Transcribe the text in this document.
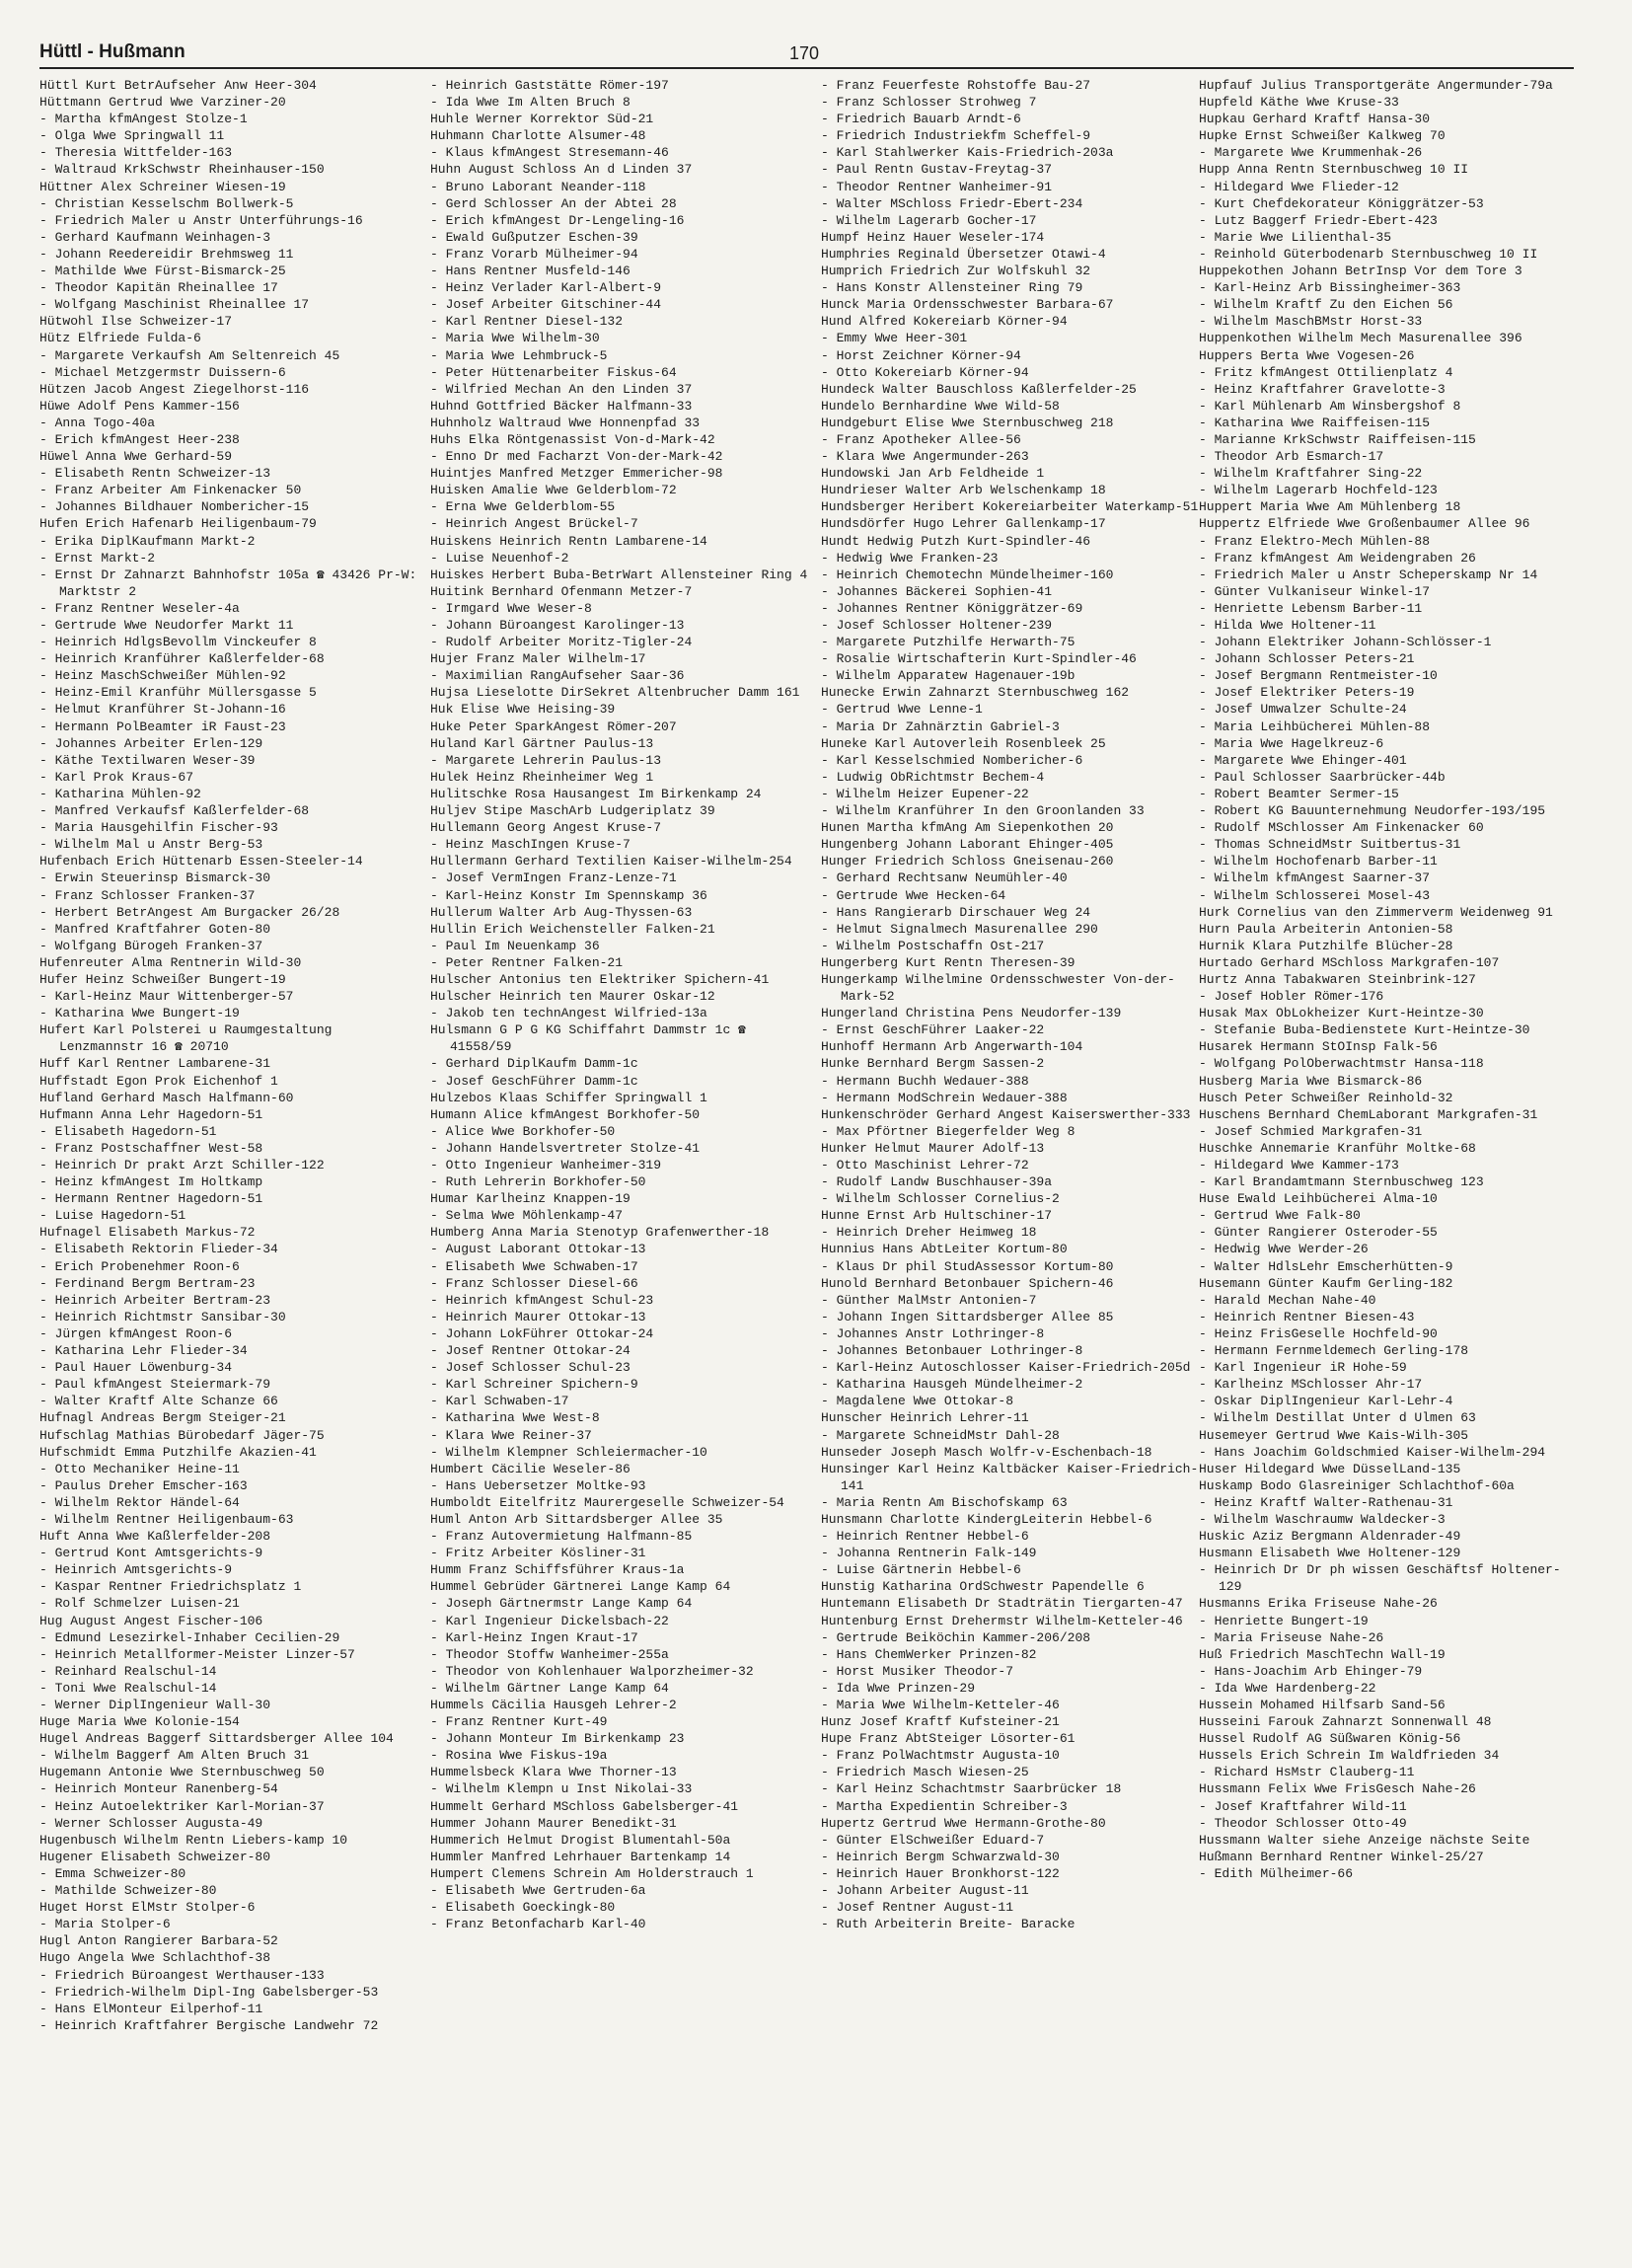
Hüttl - Hußmann	170
Hüttl Kurt BetrAufseher Anw Heer-304
Hüttmann Gertrud Wwe Varziner-20
- Martha kfmAngest Stolze-1
- Olga Wwe Springwall 11
- Theresia Wittfelder-163
- Waltraud KrkSchwstr Rheinhauser-150
Hüttner Alex Schreiner Wiesen-19
- Christian Kesselschm Bollwerk-5
- Friedrich Maler u Anstr Unterführungs-16
- Gerhard Kaufmann Weinhagen-3
- Johann Reedereidir Brehmsweg 11
- Mathilde Wwe Fürst-Bismarck-25
- Theodor Kapitän Rheinallee 17
- Wolfgang Maschinist Rheinallee 17
Hütwohl Ilse Schweizer-17
Hütz Elfriede Fulda-6
- Margarete Verkaufsh Am Seltenreich 45
- Michael Metzgermstr Duissern-6
Hützen Jacob Angest Ziegelhorst-116
Hüwe Adolf Pens Kammer-156
- Anna Togo-40a
- Erich kfmAngest Heer-238
Hüwel Anna Wwe Gerhard-59
- Elisabeth Rentn Schweizer-13
- Franz Arbeiter Am Finkenacker 50
- Johannes Bildhauer Nombericher-15
Hufen Erich Hafenarb Heiligenbaum-79
- Erika DiplKaufmann Markt-2
- Ernst Markt-2
- Ernst Dr Zahnarzt Bahnhofstr 105a ☎ 43426 Pr-W: Marktstr 2
- Franz Rentner Weseler-4a
- Gertrude Wwe Neudorfer Markt 11
- Heinrich HdlgsBevollm Vinckeufer 8
- Heinrich Kranführer Kaßlerfelder-68
- Heinz MaschSchweißer Mühlen-92
- Heinz-Emil Kranführ Müllersgasse 5
- Helmut Kranführer St-Johann-16
- Hermann PolBeamter iR Faust-23
- Johannes Arbeiter Erlen-129
- Käthe Textilwaren Weser-39
- Karl Prok Kraus-67
- Katharina Mühlen-92
- Manfred Verkaufsf Kaßlerfelder-68
- Maria Hausgehilfin Fischer-93
- Wilhelm Mal u Anstr Berg-53
Hufenbach Erich Hüttenarb Essen-Steeler-14
- Erwin Steuerinsp Bismarck-30
- Franz Schlosser Franken-37
- Herbert BetrAngest Am Burgacker 26/28
- Manfred Kraftfahrer Goten-80
- Wolfgang Bürogeh Franken-37
Hufenreuter Alma Rentnerin Wild-30
Hufer Heinz Schweißer Bungert-19
- Karl-Heinz Maur Wittenberger-57
- Katharina Wwe Bungert-19
Hufert Karl Polsterei u Raumgestaltung Lenzmannstr 16 ☎ 20710
Huff Karl Rentner Lambarene-31
Huffstadt Egon Prok Eichenhof 1
Hufland Gerhard Masch Halfmann-60
Hufmann Anna Lehr Hagedorn-51
- Elisabeth Hagedorn-51
- Franz Postschaffner West-58
- Heinrich Dr prakt Arzt Schiller-122
- Heinz kfmAngest Im Holtkamp
- Hermann Rentner Hagedorn-51
- Luise Hagedorn-51
Hufnagel Elisabeth Markus-72
- Elisabeth Rektorin Flieder-34
- Erich Probenehmer Roon-6
- Ferdinand Bergm Bertram-23
- Heinrich Arbeiter Bertram-23
- Heinrich Richtmstr Sansibar-30
- Jürgen kfmAngest Roon-6
- Katharina Lehr Flieder-34
- Paul Hauer Löwenburg-34
- Paul kfmAngest Steiermark-79
- Walter Kraftf Alte Schanze 66
Hufnagl Andreas Bergm Steiger-21
Hufschlag Mathias Bürobedarf Jäger-75
Hufschmidt Emma Putzhilfe Akazien-41
- Otto Mechaniker Heine-11
- Paulus Dreher Emscher-163
- Wilhelm Rektor Händel-64
- Wilhelm Rentner Heiligenbaum-63
Huft Anna Wwe Kaßlerfelder-208
- Gertrud Kont Amtsgerichts-9
- Heinrich Amtsgerichts-9
- Kaspar Rentner Friedrichsplatz 1
- Rolf Schmelzer Luisen-21
Hug August Angest Fischer-106
- Edmund Lesezirkel-Inhaber Cecilien-29
- Heinrich Metallformer-Meister Linzer-57
- Reinhard Realschul-14
- Toni Wwe Realschul-14
- Werner DiplIngenieur Wall-30
Huge Maria Wwe Kolonie-154
Hugel Andreas Baggerf Sittardsberger Allee 104
- Wilhelm Baggerf Am Alten Bruch 31
Hugemann Antonie Wwe Sternbuschweg 50
- Heinrich Monteur Ranenberg-54
- Heinz Autoelektriker Karl-Morian-37
- Werner Schlosser Augusta-49
Hugenbusch Wilhelm Rentn Liebers-kamp 10
Hugener Elisabeth Schweizer-80
- Emma Schweizer-80
- Mathilde Schweizer-80
Huget Horst ElMstr Stolper-6
- Maria Stolper-6
Hugl Anton Rangierer Barbara-52
Hugo Angela Wwe Schlachthof-38
- Friedrich Büroangest Werthauser-133
- Friedrich-Wilhelm Dipl-Ing Gabelsberger-53
- Hans ElMonteur Eilperhof-11
- Heinrich Kraftfahrer Bergische Landwehr 72
- Heinrich Gaststätte Römer-197
- Ida Wwe Im Alten Bruch 8
Huhle Werner Korrektor Süd-21
Huhmann Charlotte Alsumer-48
- Klaus kfmAngest Stresemann-46
Huhn August Schloss An d Linden 37
- Bruno Laborant Neander-118
- Gerd Schlosser An der Abtei 28
- Erich kfmAngest Dr-Lengeling-16
- Ewald Gußputzer Eschen-39
- Franz Vorarb Mülheimer-94
- Hans Rentner Musfeld-146
- Heinz Verlader Karl-Albert-9
- Josef Arbeiter Gitschiner-44
- Karl Rentner Diesel-132
- Maria Wwe Wilhelm-30
- Maria Wwe Lehmbruck-5
- Peter Hüttenarbeiter Fiskus-64
- Wilfried Mechan An den Linden 37
Huhnd Gottfried Bäcker Halfmann-33
Huhnholz Waltraud Wwe Honnenpfad 33
Huhs Elka Röntgenassist Von-d-Mark-42
- Enno Dr med Facharzt Von-der-Mark-42
Huintjes Manfred Metzger Emmericher-98
Huisken Amalie Wwe Gelderblom-72
- Erna Wwe Gelderblom-55
- Heinrich Angest Brückel-7
Huiskens Heinrich Rentn Lambarene-14
- Luise Neuenhof-2
Huiskes Herbert Buba-BetrWart Allensteiner Ring 4
Huitink Bernhard Ofenmann Metzer-7
- Irmgard Wwe Weser-8
- Johann Büroangest Karolinger-13
- Rudolf Arbeiter Moritz-Tigler-24
Hujer Franz Maler Wilhelm-17
- Maximilian RangAufseher Saar-36
Hujsa Lieselotte DirSekret Altenbrucher Damm 161
Huk Elise Wwe Heising-39
Huke Peter SparkAngest Römer-207
Huland Karl Gärtner Paulus-13
- Margarete Lehrerin Paulus-13
Hulek Heinz Rheinheimer Weg 1
Hulitschke Rosa Hausangest Im Birkenkamp 24
Huljev Stipe MaschArb Ludgeriplatz 39
Hullemann Georg Angest Kruse-7
- Heinz MaschIngen Kruse-7
Hullermann Gerhard Textilien Kaiser-Wilhelm-254
- Josef VermIngen Franz-Lenze-71
- Karl-Heinz Konstr Im Spennskamp 36
Hullerum Walter Arb Aug-Thyssen-63
Hullin Erich Weichensteller Falken-21
- Paul Im Neuenkamp 36
- Peter Rentner Falken-21
Hulscher Antonius ten Elektriker Spichern-41
Hulscher Heinrich ten Maurer Oskar-12
- Jakob ten technAngest Wilfried-13a
Hulsmann G P G KG Schiffahrt Dammstr 1c ☎ 41558/59
- Gerhard DiplKaufm Damm-1c
- Josef GeschFührer Damm-1c
Hulzebos Klaas Schiffer Springwall 1
Humann Alice kfmAngest Borkhofer-50
- Alice Wwe Borkhofer-50
- Johann Handelsvertreter Stolze-41
- Otto Ingenieur Wanheimer-319
- Ruth Lehrerin Borkhofer-50
Humar Karlheinz Knappen-19
- Selma Wwe Möhlenkamp-47
Humberg Anna Maria Stenotyp Grafenwerther-18
- August Laborant Ottokar-13
- Elisabeth Wwe Schwaben-17
- Franz Schlosser Diesel-66
- Heinrich kfmAngest Schul-23
- Heinrich Maurer Ottokar-13
- Johann LokFührer Ottokar-24
- Josef Rentner Ottokar-24
- Josef Schlosser Schul-23
- Karl Schreiner Spichern-9
- Karl Schwaben-17
- Katharina Wwe West-8
- Klara Wwe Reiner-37
- Wilhelm Klempner Schleiermacher-10
Humbert Cäcilie Weseler-86
- Hans Uebersetzer Moltke-93
Humboldt Eitelfritz Maurergeselle Schweizer-54
Huml Anton Arb Sittardsberger Allee 35
- Franz Autovermietung Halfmann-85
- Fritz Arbeiter Kösliner-31
Humm Franz Schiffsführer Kraus-1a
Hummel Gebrüder Gärtnerei Lange Kamp 64
- Joseph Gärtnermstr Lange Kamp 64
- Karl Ingenieur Dickelsbach-22
- Karl-Heinz Ingen Kraut-17
- Theodor Stoffw Wanheimer-255a
- Theodor von Kohlenhauer Walporzheimer-32
- Wilhelm Gärtner Lange Kamp 64
Hummels Cäcilia Hausgeh Lehrer-2
- Franz Rentner Kurt-49
- Johann Monteur Im Birkenkamp 23
- Rosina Wwe Fiskus-19a
Hummelsbeck Klara Wwe Thorner-13
- Wilhelm Klempn u Inst Nikolai-33
Hummelt Gerhard MSchloss Gabelsberger-41
Hummer Johann Maurer Benedikt-31
Hummerich Helmut Drogist Blumentahl-50a
Hummler Manfred Lehrhauer Bartenkamp 14
Humpert Clemens Schrein Am Holderstrauch 1
- Elisabeth Wwe Gertruden-6a
- Elisabeth Goeckingk-80
- Franz Betonfacharb Karl-40
- Franz Feuerfeste Rohstoffe Bau-27
- Franz Schlosser Strohweg 7
- Friedrich Bauarb Arndt-6
- Friedrich Industriekfm Scheffel-9
- Karl Stahlwerker Kais-Friedrich-203a
- Paul Rentn Gustav-Freytag-37
- Theodor Rentner Wanheimer-91
- Walter MSchloss Friedr-Ebert-234
- Wilhelm Lagerarb Gocher-17
Humpf Heinz Hauer Weseler-174
Humphries Reginald Übersetzer Otawi-4
Humprich Friedrich Zur Wolfskuhl 32
- Hans Konstr Allensteiner Ring 79
Hunck Maria Ordensschwester Barbara-67
Hund Alfred Kokereiarb Körner-94
- Emmy Wwe Heer-301
- Horst Zeichner Körner-94
- Otto Kokereiarb Körner-94
Hundeck Walter Bauschloss Kaßlerfelder-25
Hundelo Bernhardine Wwe Wild-58
Hundgeburt Elise Wwe Sternbuschweg 218
- Franz Apotheker Allee-56
- Klara Wwe Angermunder-263
Hundowski Jan Arb Feldheide 1
Hundrieser Walter Arb Welschenkamp 18
Hundsberger Heribert Kokereiarbeiter Waterkamp-51
Hundsdörfer Hugo Lehrer Gallenkamp-17
Hundt Hedwig Putzh Kurt-Spindler-46
- Hedwig Wwe Franken-23
- Heinrich Chemotechn Mündelheimer-160
- Johannes Bäckerei Sophien-41
- Johannes Rentner Königgrätzer-69
- Josef Schlosser Holtener-239
- Margarete Putzhilfe Herwarth-75
- Rosalie Wirtschafterin Kurt-Spindler-46
- Wilhelm Apparatew Hagenauer-19b
Hunecke Erwin Zahnarzt Sternbuschweg 162
- Gertrud Wwe Lenne-1
- Maria Dr Zahnärztin Gabriel-3
Huneke Karl Autoverleih Rosenbleek 25
- Karl Kesselschmied Nombericher-6
- Ludwig ObRichtmstr Bechem-4
- Wilhelm Heizer Eupener-22
- Wilhelm Kranführer In den Groonlanden 33
Hunen Martha kfmAng Am Siepenkothen 20
Hungenberg Johann Laborant Ehinger-405
Hunger Friedrich Schloss Gneisenau-260
- Gerhard Rechtsanw Neumühler-40
- Gertrude Wwe Hecken-64
- Hans Rangierarb Dirschauer Weg 24
- Helmut Signalmech Masurenallee 290
- Wilhelm Postschaffn Ost-217
Hungerberg Kurt Rentn Theresen-39
Hungerkamp Wilhelmine Ordensschwester Von-der-Mark-52
Hungerland Christina Pens Neudorfer-139
- Ernst GeschFührer Laaker-22
Hunhoff Hermann Arb Angerwarth-104
Hunke Bernhard Bergm Sassen-2
- Hermann Buchh Wedauer-388
- Hermann ModSchrein Wedauer-388
Hunkenschröder Gerhard Angest Kaiserswerther-333
- Max Pförtner Biegerfelder Weg 8
Hunker Helmut Maurer Adolf-13
- Otto Maschinist Lehrer-72
- Rudolf Landw Buschhauser-39a
- Wilhelm Schlosser Cornelius-2
Hunne Ernst Arb Hultschiner-17
- Heinrich Dreher Heimweg 18
Hunnius Hans AbtLeiter Kortum-80
- Klaus Dr phil StudAssessor Kortum-80
Hunold Bernhard Betonbauer Spichern-46
- Günther MalMstr Antonien-7
- Johann Ingen Sittardsberger Allee 85
- Johannes Anstr Lothringer-8
- Johannes Betonbauer Lothringer-8
- Karl-Heinz Autoschlosser Kaiser-Friedrich-205d
- Katharina Hausgeh Mündelheimer-2
- Magdalene Wwe Ottokar-8
Hunscher Heinrich Lehrer-11
- Margarete SchneidMstr Dahl-28
Hunseder Joseph Masch Wolfr-v-Eschenbach-18
Hunsinger Karl Heinz Kaltbäcker Kaiser-Friedrich-141
- Maria Rentn Am Bischofskamp 63
Hunsmann Charlotte KindergLeiterin Hebbel-6
- Heinrich Rentner Hebbel-6
- Johanna Rentnerin Falk-149
- Luise Gärtnerin Hebbel-6
Hunstig Katharina OrdSchwestr Papendelle 6
Huntemann Elisabeth Dr Stadträtin Tiergarten-47
Huntenburg Ernst Drehermstr Wilhelm-Ketteler-46
- Gertrude Beiköchin Kammer-206/208
- Hans ChemWerker Prinzen-82
- Horst Musiker Theodor-7
- Ida Wwe Prinzen-29
- Maria Wwe Wilhelm-Ketteler-46
Hunz Josef Kraftf Kufsteiner-21
Hupe Franz AbtSteiger Lösorter-61
- Franz PolWachtmstr Augusta-10
- Friedrich Masch Wiesen-25
- Karl Heinz Schachtmstr Saarbrücker 18
- Martha Expedientin Schreiber-3
Hupertz Gertrud Wwe Hermann-Grothe-80
- Günter ElSchweißer Eduard-7
- Heinrich Bergm Schwarzwald-30
- Heinrich Hauer Bronkhorst-122
- Johann Arbeiter August-11
- Josef Rentner August-11
- Ruth Arbeiterin Breite- Baracke
Hupfauf Julius Transportgeräte Angermunder-79a
Hupfeld Käthe Wwe Kruse-33
Hupkau Gerhard Kraftf Hansa-30
Hupke Ernst Schweißer Kalkweg 70
- Margarete Wwe Krummenhak-26
Hupp Anna Rentn Sternbuschweg 10 II
- Hildegard Wwe Flieder-12
- Kurt Chefdekorateur Königgrätzer-53
- Lutz Baggerf Friedr-Ebert-423
- Marie Wwe Lilienthal-35
- Reinhold Güterbodenarb Sternbuschweg 10 II
Huppekothen Johann BetrInsp Vor dem Tore 3
- Karl-Heinz Arb Bissingheimer-363
- Wilhelm Kraftf Zu den Eichen 56
- Wilhelm MaschBMstr Horst-33
Huppenkothen Wilhelm Mech Masurenallee 396
Huppers Berta Wwe Vogesen-26
- Fritz kfmAngest Ottilienplatz 4
- Heinz Kraftfahrer Gravelotte-3
- Karl Mühlenarb Am Winsbergshof 8
- Katharina Wwe Raiffeisen-115
- Marianne KrkSchwstr Raiffeisen-115
- Theodor Arb Esmarch-17
- Wilhelm Kraftfahrer Sing-22
- Wilhelm Lagerarb Hochfeld-123
Huppert Maria Wwe Am Mühlenberg 18
Huppertz Elfriede Wwe Großenbaumer Allee 96
- Franz Elektro-Mech Mühlen-88
- Franz kfmAngest Am Weidengraben 26
- Friedrich Maler u Anstr Scheperskamp Nr 14
- Günter Vulkaniseur Winkel-17
- Henriette Lebensm Barber-11
- Hilda Wwe Holtener-11
- Johann Elektriker Johann-Schlösser-1
- Johann Schlosser Peters-21
- Josef Bergmann Rentmeister-10
- Josef Elektriker Peters-19
- Josef Umwalzer Schulte-24
- Maria Leihbücherei Mühlen-88
- Maria Wwe Hagelkreuz-6
- Margarete Wwe Ehinger-401
- Paul Schlosser Saarbrücker-44b
- Robert Beamter Sermer-15
- Robert KG Bauunternehmung Neudorfer-193/195
- Rudolf MSchlosser Am Finkenacker 60
- Thomas SchneidMstr Suitbertus-31
- Wilhelm Hochofenarb Barber-11
- Wilhelm kfmAngest Saarner-37
- Wilhelm Schlosserei Mosel-43
Hurk Cornelius van den Zimmerverm Weidenweg 91
Hurn Paula Arbeiterin Antonien-58
Hurnik Klara Putzhilfe Blücher-28
Hurtado Gerhard MSchloss Markgrafen-107
Hurtz Anna Tabakwaren Steinbrink-127
- Josef Hobler Römer-176
Husak Max ObLokheizer Kurt-Heintze-30
- Stefanie Buba-Bedienstete Kurt-Heintze-30
Husarek Hermann StOInsp Falk-56
- Wolfgang PolOberwachtmstr Hansa-118
Husberg Maria Wwe Bismarck-86
Husch Peter Schweißer Reinhold-32
Huschens Bernhard ChemLaborant Markgrafen-31
- Josef Schmied Markgrafen-31
Huschke Annemarie Kranführ Moltke-68
- Hildegard Wwe Kammer-173
- Karl Brandamtmann Sternbuschweg 123
Huse Ewald Leihbücherei Alma-10
- Gertrud Wwe Falk-80
- Günter Rangierer Osteroder-55
- Hedwig Wwe Werder-26
- Walter HdlsLehr Emscherhütten-9
Husemann Günter Kaufm Gerling-182
- Harald Mechan Nahe-40
- Heinrich Rentner Biesen-43
- Heinz FrisGeselle Hochfeld-90
- Hermann Fernmeldemech Gerling-178
- Karl Ingenieur iR Hohe-59
- Karlheinz MSchlosser Ahr-17
- Oskar DiplIngenieur Karl-Lehr-4
- Wilhelm Destillat Unter d Ulmen 63
Husemeyer Gertrud Wwe Kais-Wilh-305
- Hans Joachim Goldschmied Kaiser-Wilhelm-294
Huser Hildegard Wwe DüsselLand-135
Huskamp Bodo Glasreiniger Schlachthof-60a
- Heinz Kraftf Walter-Rathenau-31
- Wilhelm Waschraumw Waldecker-3
Huskic Aziz Bergmann Aldenrader-49
Husmann Elisabeth Wwe Holtener-129
- Heinrich Dr Dr ph wissen Geschäftsf Holtener-129
Husmanns Erika Friseuse Nahe-26
- Henriette Bungert-19
- Maria Friseuse Nahe-26
Huß Friedrich MaschTechn Wall-19
- Hans-Joachim Arb Ehinger-79
- Ida Wwe Hardenberg-22
Hussein Mohamed Hilfsarb Sand-56
Husseini Farouk Zahnarzt Sonnenwall 48
Hussel Rudolf AG Süßwaren König-56
Hussels Erich Schrein Im Waldfrieden 34
- Richard HsMstr Clauberg-11
Hussmann Felix Wwe FrisGesch Nahe-26
- Josef Kraftfahrer Wild-11
- Theodor Schlosser Otto-49
Hussmann Walter siehe Anzeige nächste Seite
Hußmann Bernhard Rentner Winkel-25/27
- Edith Mülheimer-66
